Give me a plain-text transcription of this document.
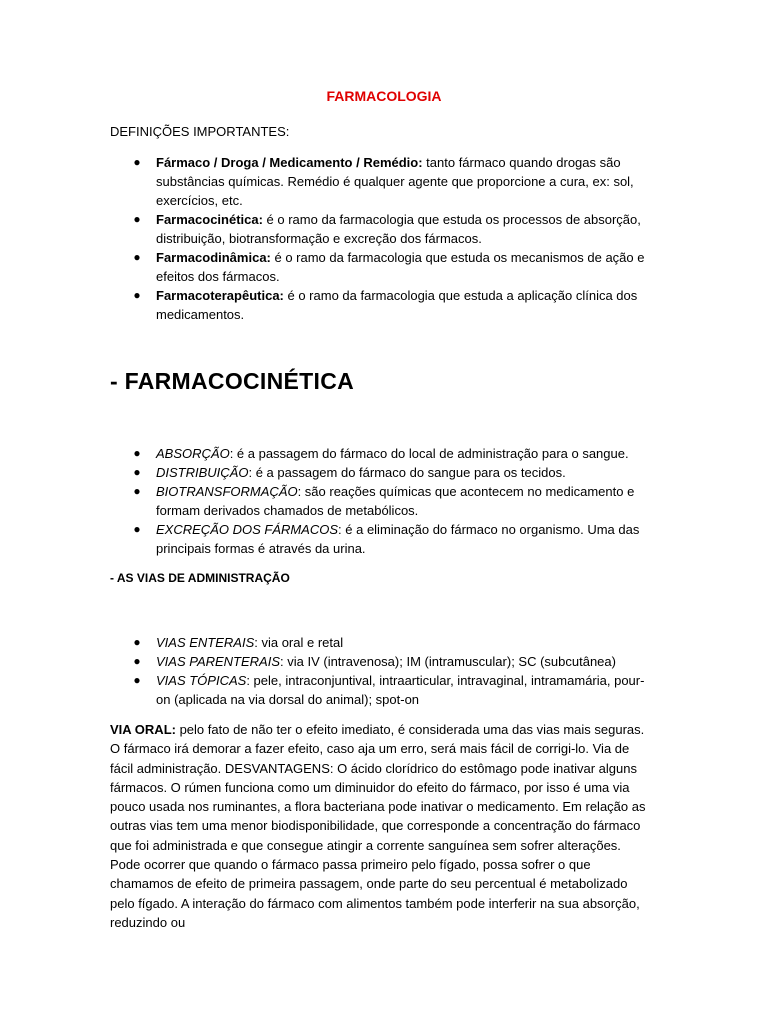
FARMACOLOGIA
DEFINIÇÕES IMPORTANTES:
● Fármaco / Droga / Medicamento / Remédio: tanto fármaco quando drogas são substâncias químicas. Remédio é qualquer agente que proporcione a cura, ex: sol, exercícios, etc.
● Farmacocinética: é o ramo da farmacologia que estuda os processos de absorção, distribuição, biotransformação e excreção dos fármacos.
● Farmacodinâmica: é o ramo da farmacologia que estuda os mecanismos de ação e efeitos dos fármacos.
● Farmacoterapêutica: é o ramo da farmacologia que estuda a aplicação clínica dos medicamentos.
- FARMACOCINÉTICA
● ABSORÇÃO: é a passagem do fármaco do local de administração para o sangue.
● DISTRIBUIÇÃO: é a passagem do fármaco do sangue para os tecidos.
● BIOTRANSFORMAÇÃO: são reações químicas que acontecem no medicamento e formam derivados chamados de metabólicos.
● EXCREÇÃO DOS FÁRMACOS: é a eliminação do fármaco no organismo. Uma das principais formas é através da urina.
- AS VIAS DE ADMINISTRAÇÃO
● VIAS ENTERAIS: via oral e retal
● VIAS PARENTERAIS: via IV (intravenosa); IM (intramuscular); SC (subcutânea)
● VIAS TÓPICAS: pele, intraconjuntival, intraarticular, intravaginal, intramamária, pour-on (aplicada na via dorsal do animal); spot-on
VIA ORAL: pelo fato de não ter o efeito imediato, é considerada uma das vias mais seguras. O fármaco irá demorar a fazer efeito, caso aja um erro, será mais fácil de corrigi-lo. Via de fácil administração. DESVANTAGENS: O ácido clorídrico do estômago pode inativar alguns fármacos. O rúmen funciona como um diminuidor do efeito do fármaco, por isso é uma via pouco usada nos ruminantes, a flora bacteriana pode inativar o medicamento. Em relação as outras vias tem uma menor biodisponibilidade, que corresponde a concentração do fármaco que foi administrada e que consegue atingir a corrente sanguínea sem sofrer alterações. Pode ocorrer que quando o fármaco passa primeiro pelo fígado, possa sofrer o que chamamos de efeito de primeira passagem, onde parte do seu percentual é metabolizado pelo fígado. A interação do fármaco com alimentos também pode interferir na sua absorção, reduzindo ou
